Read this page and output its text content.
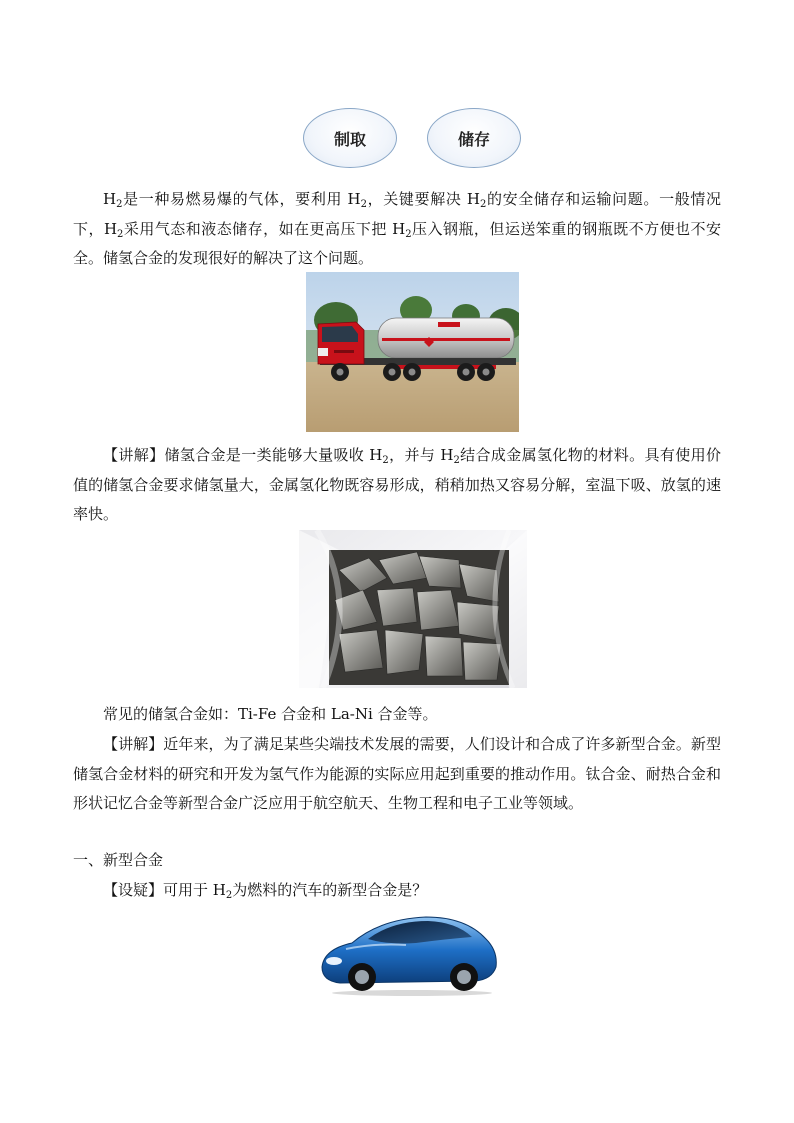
制取	储存

$H_2$是一种易燃易爆的气体，要利用 $H_2$，关键要解决 $H_2$的安全储存和运输问题。一般情况下，$H_2$采用气态和液态储存，如在更高压下把 $H_2$压入钢瓶，但运送笨重的钢瓶既不方便也不安全。储氢合金的发现很好的解决了这个问题。

【讲解】储氢合金是一类能够大量吸收 $H_2$，并与 $H_2$结合成金属氢化物的材料。具有使用价值的储氢合金要求储氢量大，金属氢化物既容易形成，稍稍加热又容易分解，室温下吸、放氢的速率快。

常见的储氢合金如：Ti-Fe 合金和 La-Ni 合金等。

【讲解】近年来，为了满足某些尖端技术发展的需要，人们设计和合成了许多新型合金。新型储氢合金材料的研究和开发为氢气作为能源的实际应用起到重要的推动作用。钛合金、耐热合金和形状记忆合金等新型合金广泛应用于航空航天、生物工程和电子工业等领域。

一、新型合金

【设疑】可用于 $H_2$为燃料的汽车的新型合金是？
